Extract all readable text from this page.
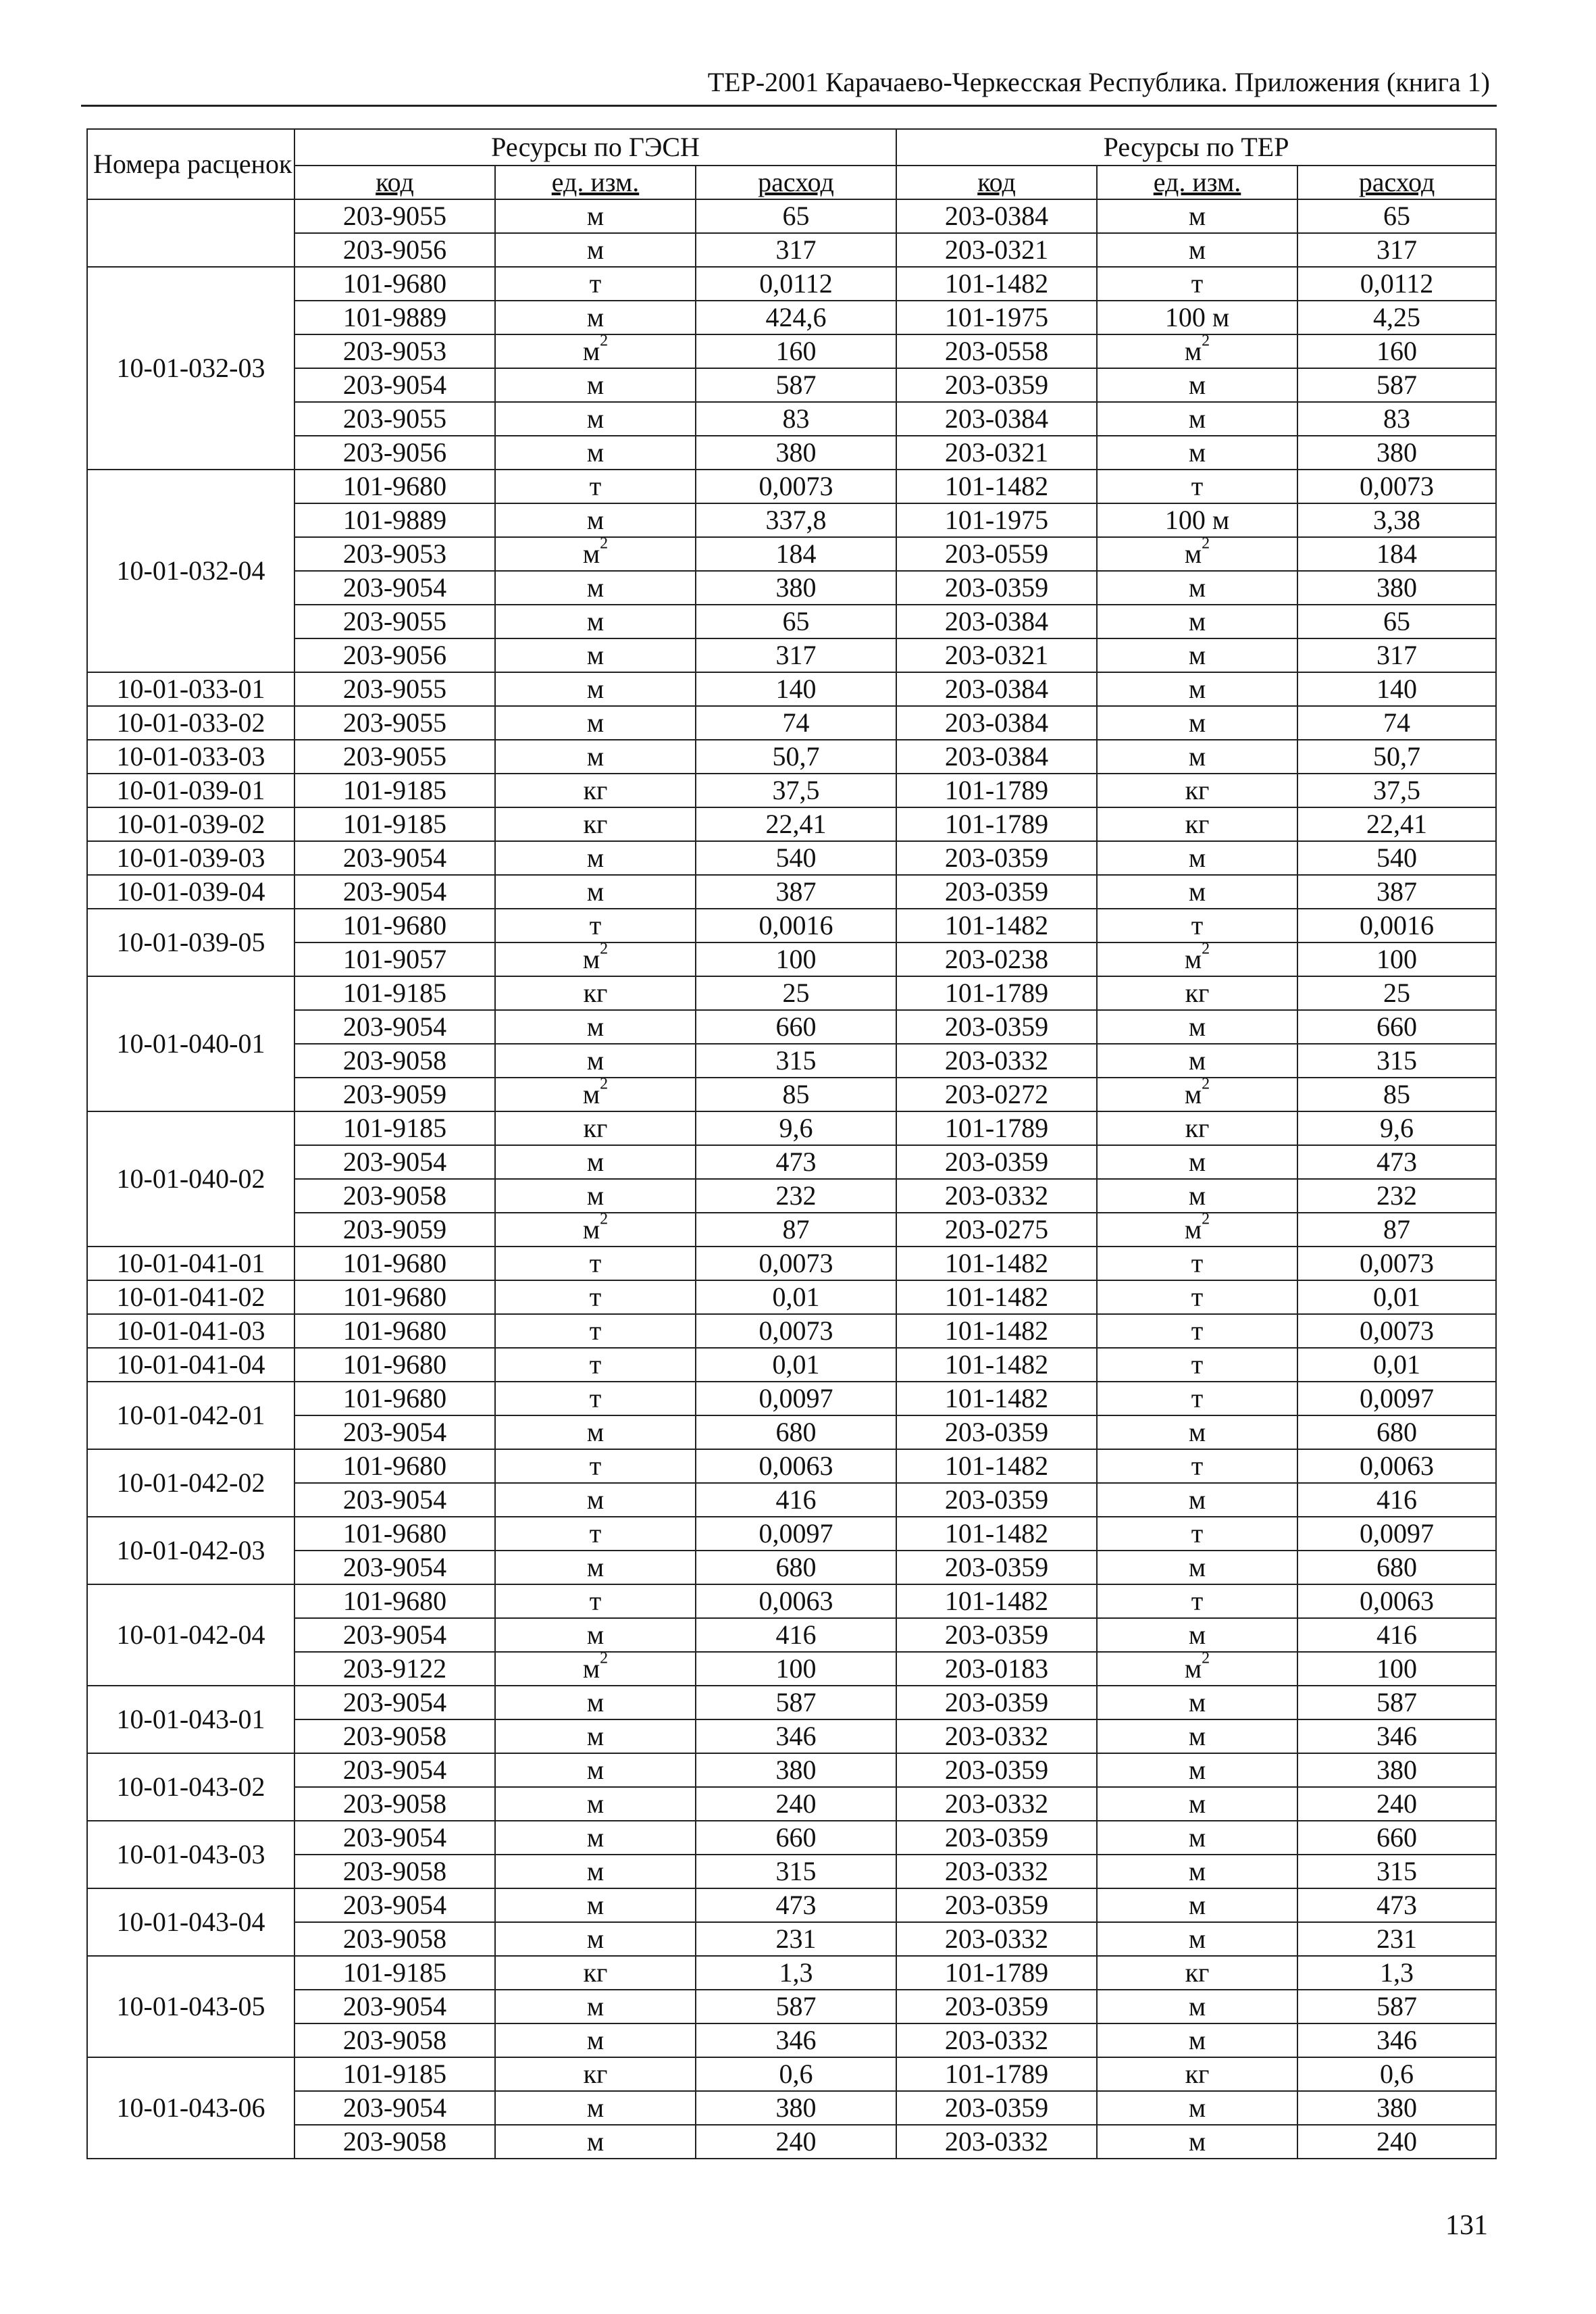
ТЕР-2001 Карачаево-Черкесская Республика. Приложения (книга 1)
Номера расценок	Ресурсы по ГЭСН			Ресурсы по ТЕР		
	код	ед. изм.	расход	код	ед. изм.	расход
	203-9055	м	65	203-0384	м	65
	203-9056	м	317	203-0321	м	317
10-01-032-03	101-9680	т	0,0112	101-1482	т	0,0112
	101-9889	м	424,6	101-1975	100 м	4,25
	203-9053	$м^2$	160	203-0558	$м^2$	160
	203-9054	м	587	203-0359	м	587
	203-9055	м	83	203-0384	м	83
	203-9056	м	380	203-0321	м	380
10-01-032-04	101-9680	т	0,0073	101-1482	т	0,0073
	101-9889	м	337,8	101-1975	100 м	3,38
	203-9053	$м^2$	184	203-0559	$м^2$	184
	203-9054	м	380	203-0359	м	380
	203-9055	м	65	203-0384	м	65
	203-9056	м	317	203-0321	м	317
10-01-033-01	203-9055	м	140	203-0384	м	140
10-01-033-02	203-9055	м	74	203-0384	м	74
10-01-033-03	203-9055	м	50,7	203-0384	м	50,7
10-01-039-01	101-9185	кг	37,5	101-1789	кг	37,5
10-01-039-02	101-9185	кг	22,41	101-1789	кг	22,41
10-01-039-03	203-9054	м	540	203-0359	м	540
10-01-039-04	203-9054	м	387	203-0359	м	387
10-01-039-05	101-9680	т	0,0016	101-1482	т	0,0016
	101-9057	$м^2$	100	203-0238	$м^2$	100
10-01-040-01	101-9185	кг	25	101-1789	кг	25
	203-9054	м	660	203-0359	м	660
	203-9058	м	315	203-0332	м	315
	203-9059	$м^2$	85	203-0272	$м^2$	85
10-01-040-02	101-9185	кг	9,6	101-1789	кг	9,6
	203-9054	м	473	203-0359	м	473
	203-9058	м	232	203-0332	м	232
	203-9059	$м^2$	87	203-0275	$м^2$	87
10-01-041-01	101-9680	т	0,0073	101-1482	т	0,0073
10-01-041-02	101-9680	т	0,01	101-1482	т	0,01
10-01-041-03	101-9680	т	0,0073	101-1482	т	0,0073
10-01-041-04	101-9680	т	0,01	101-1482	т	0,01
10-01-042-01	101-9680	т	0,0097	101-1482	т	0,0097
	203-9054	м	680	203-0359	м	680
10-01-042-02	101-9680	т	0,0063	101-1482	т	0,0063
	203-9054	м	416	203-0359	м	416
10-01-042-03	101-9680	т	0,0097	101-1482	т	0,0097
	203-9054	м	680	203-0359	м	680
10-01-042-04	101-9680	т	0,0063	101-1482	т	0,0063
	203-9054	м	416	203-0359	м	416
	203-9122	$м^2$	100	203-0183	$м^2$	100
10-01-043-01	203-9054	м	587	203-0359	м	587
	203-9058	м	346	203-0332	м	346
10-01-043-02	203-9054	м	380	203-0359	м	380
	203-9058	м	240	203-0332	м	240
10-01-043-03	203-9054	м	660	203-0359	м	660
	203-9058	м	315	203-0332	м	315
10-01-043-04	203-9054	м	473	203-0359	м	473
	203-9058	м	231	203-0332	м	231
10-01-043-05	101-9185	кг	1,3	101-1789	кг	1,3
	203-9054	м	587	203-0359	м	587
	203-9058	м	346	203-0332	м	346
10-01-043-06	101-9185	кг	0,6	101-1789	кг	0,6
	203-9054	м	380	203-0359	м	380
	203-9058	м	240	203-0332	м	240
131
